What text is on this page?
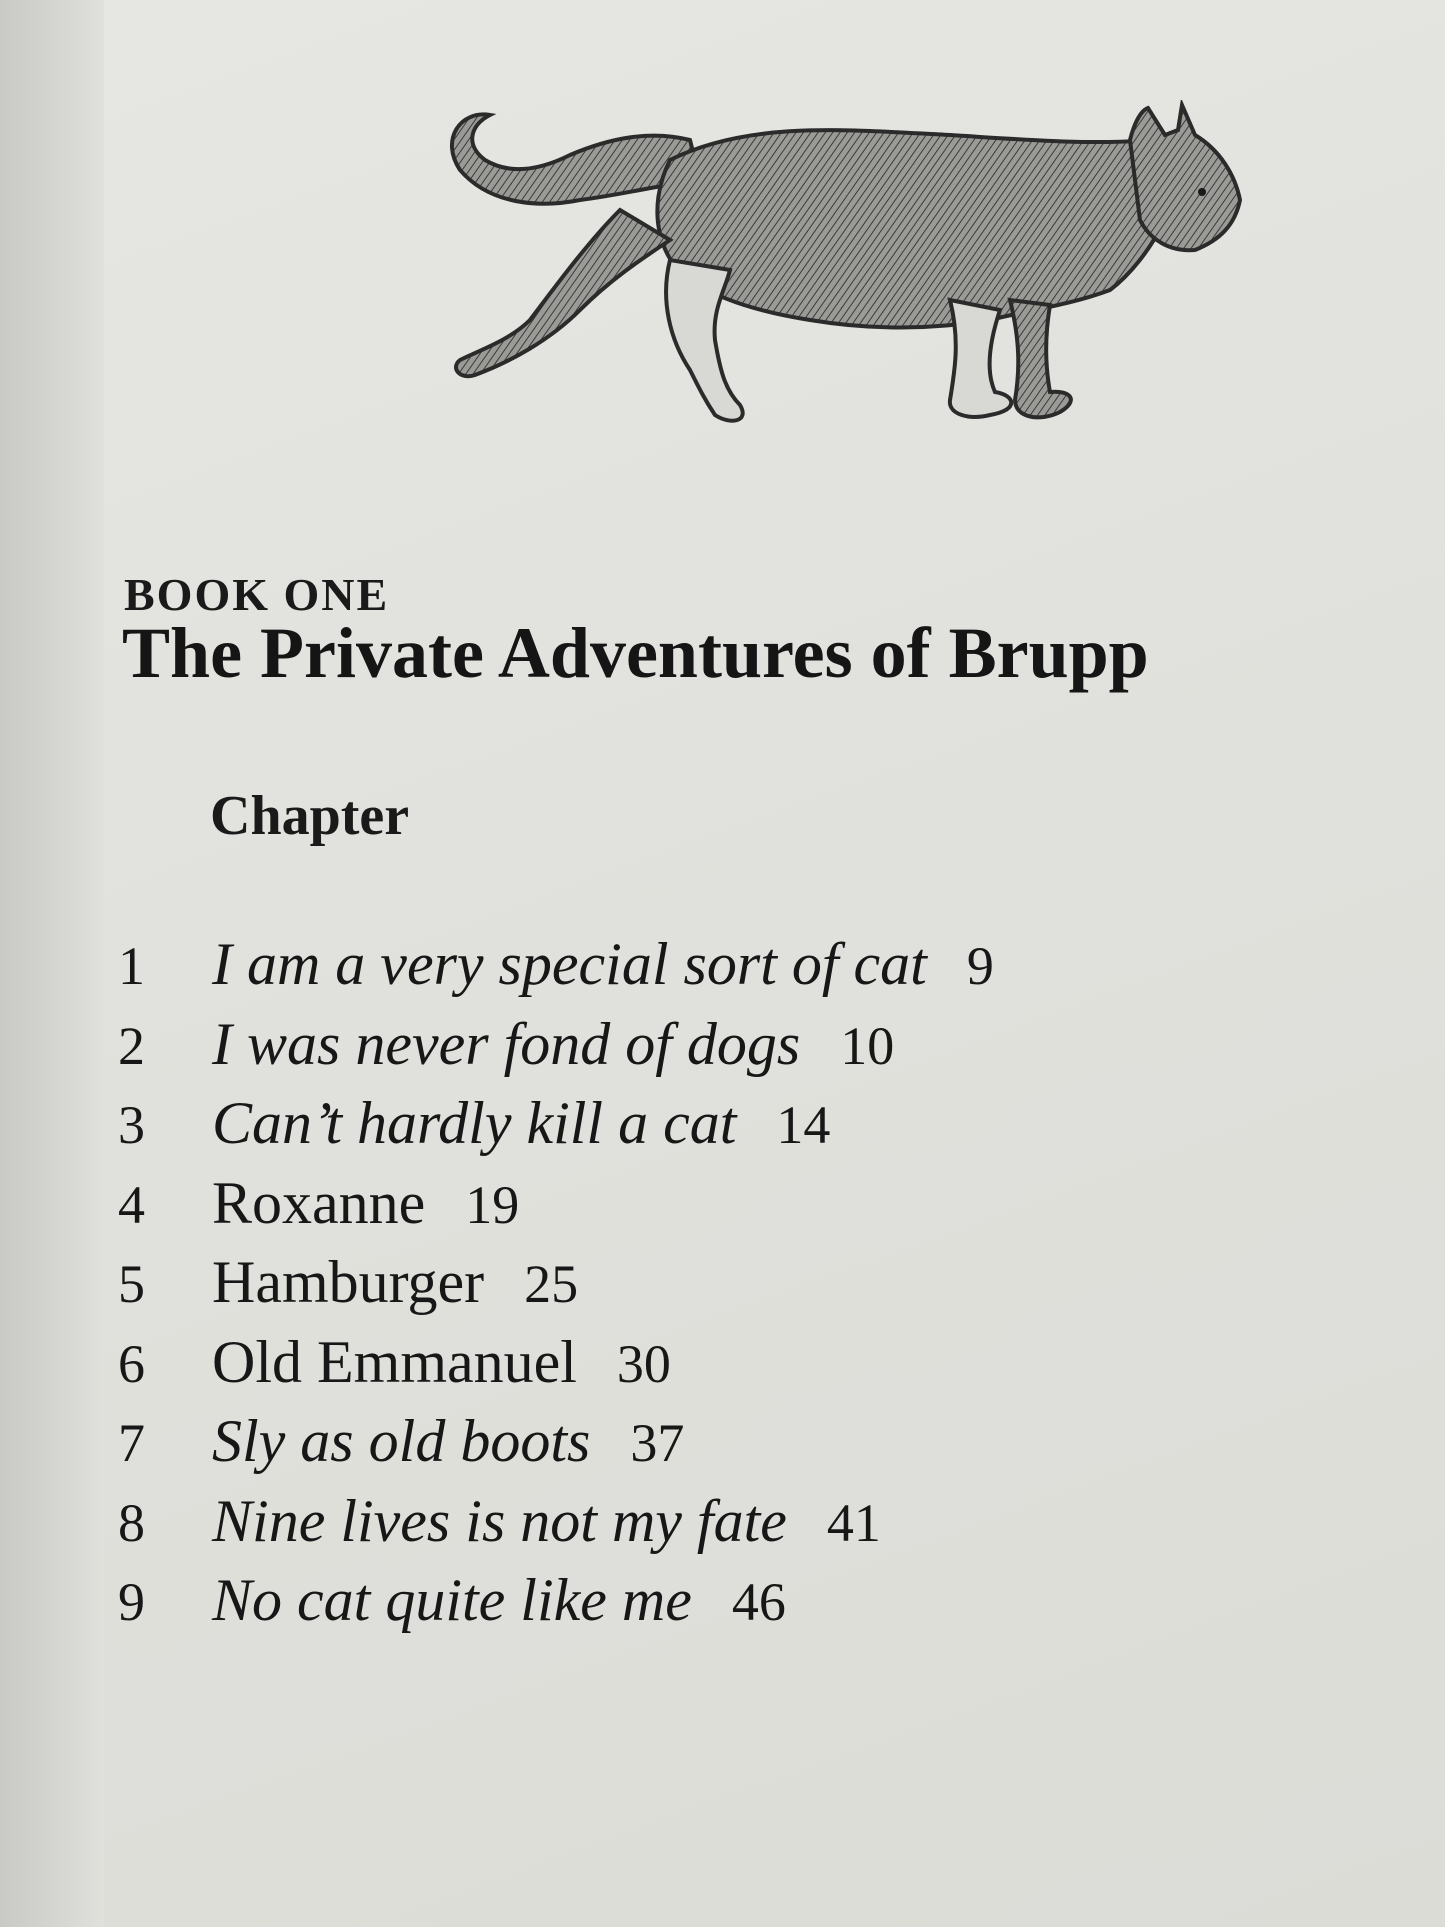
BOOK ONE
The Private Adventures of Brupp
Chapter
1	I am a very special sort of cat 9
2	I was never fond of dogs 10
3	Can’t hardly kill a cat 14
4	Roxanne 19
5	Hamburger 25
6	Old Emmanuel 30
7	Sly as old boots 37
8	Nine lives is not my fate 41
9	No cat quite like me 46
